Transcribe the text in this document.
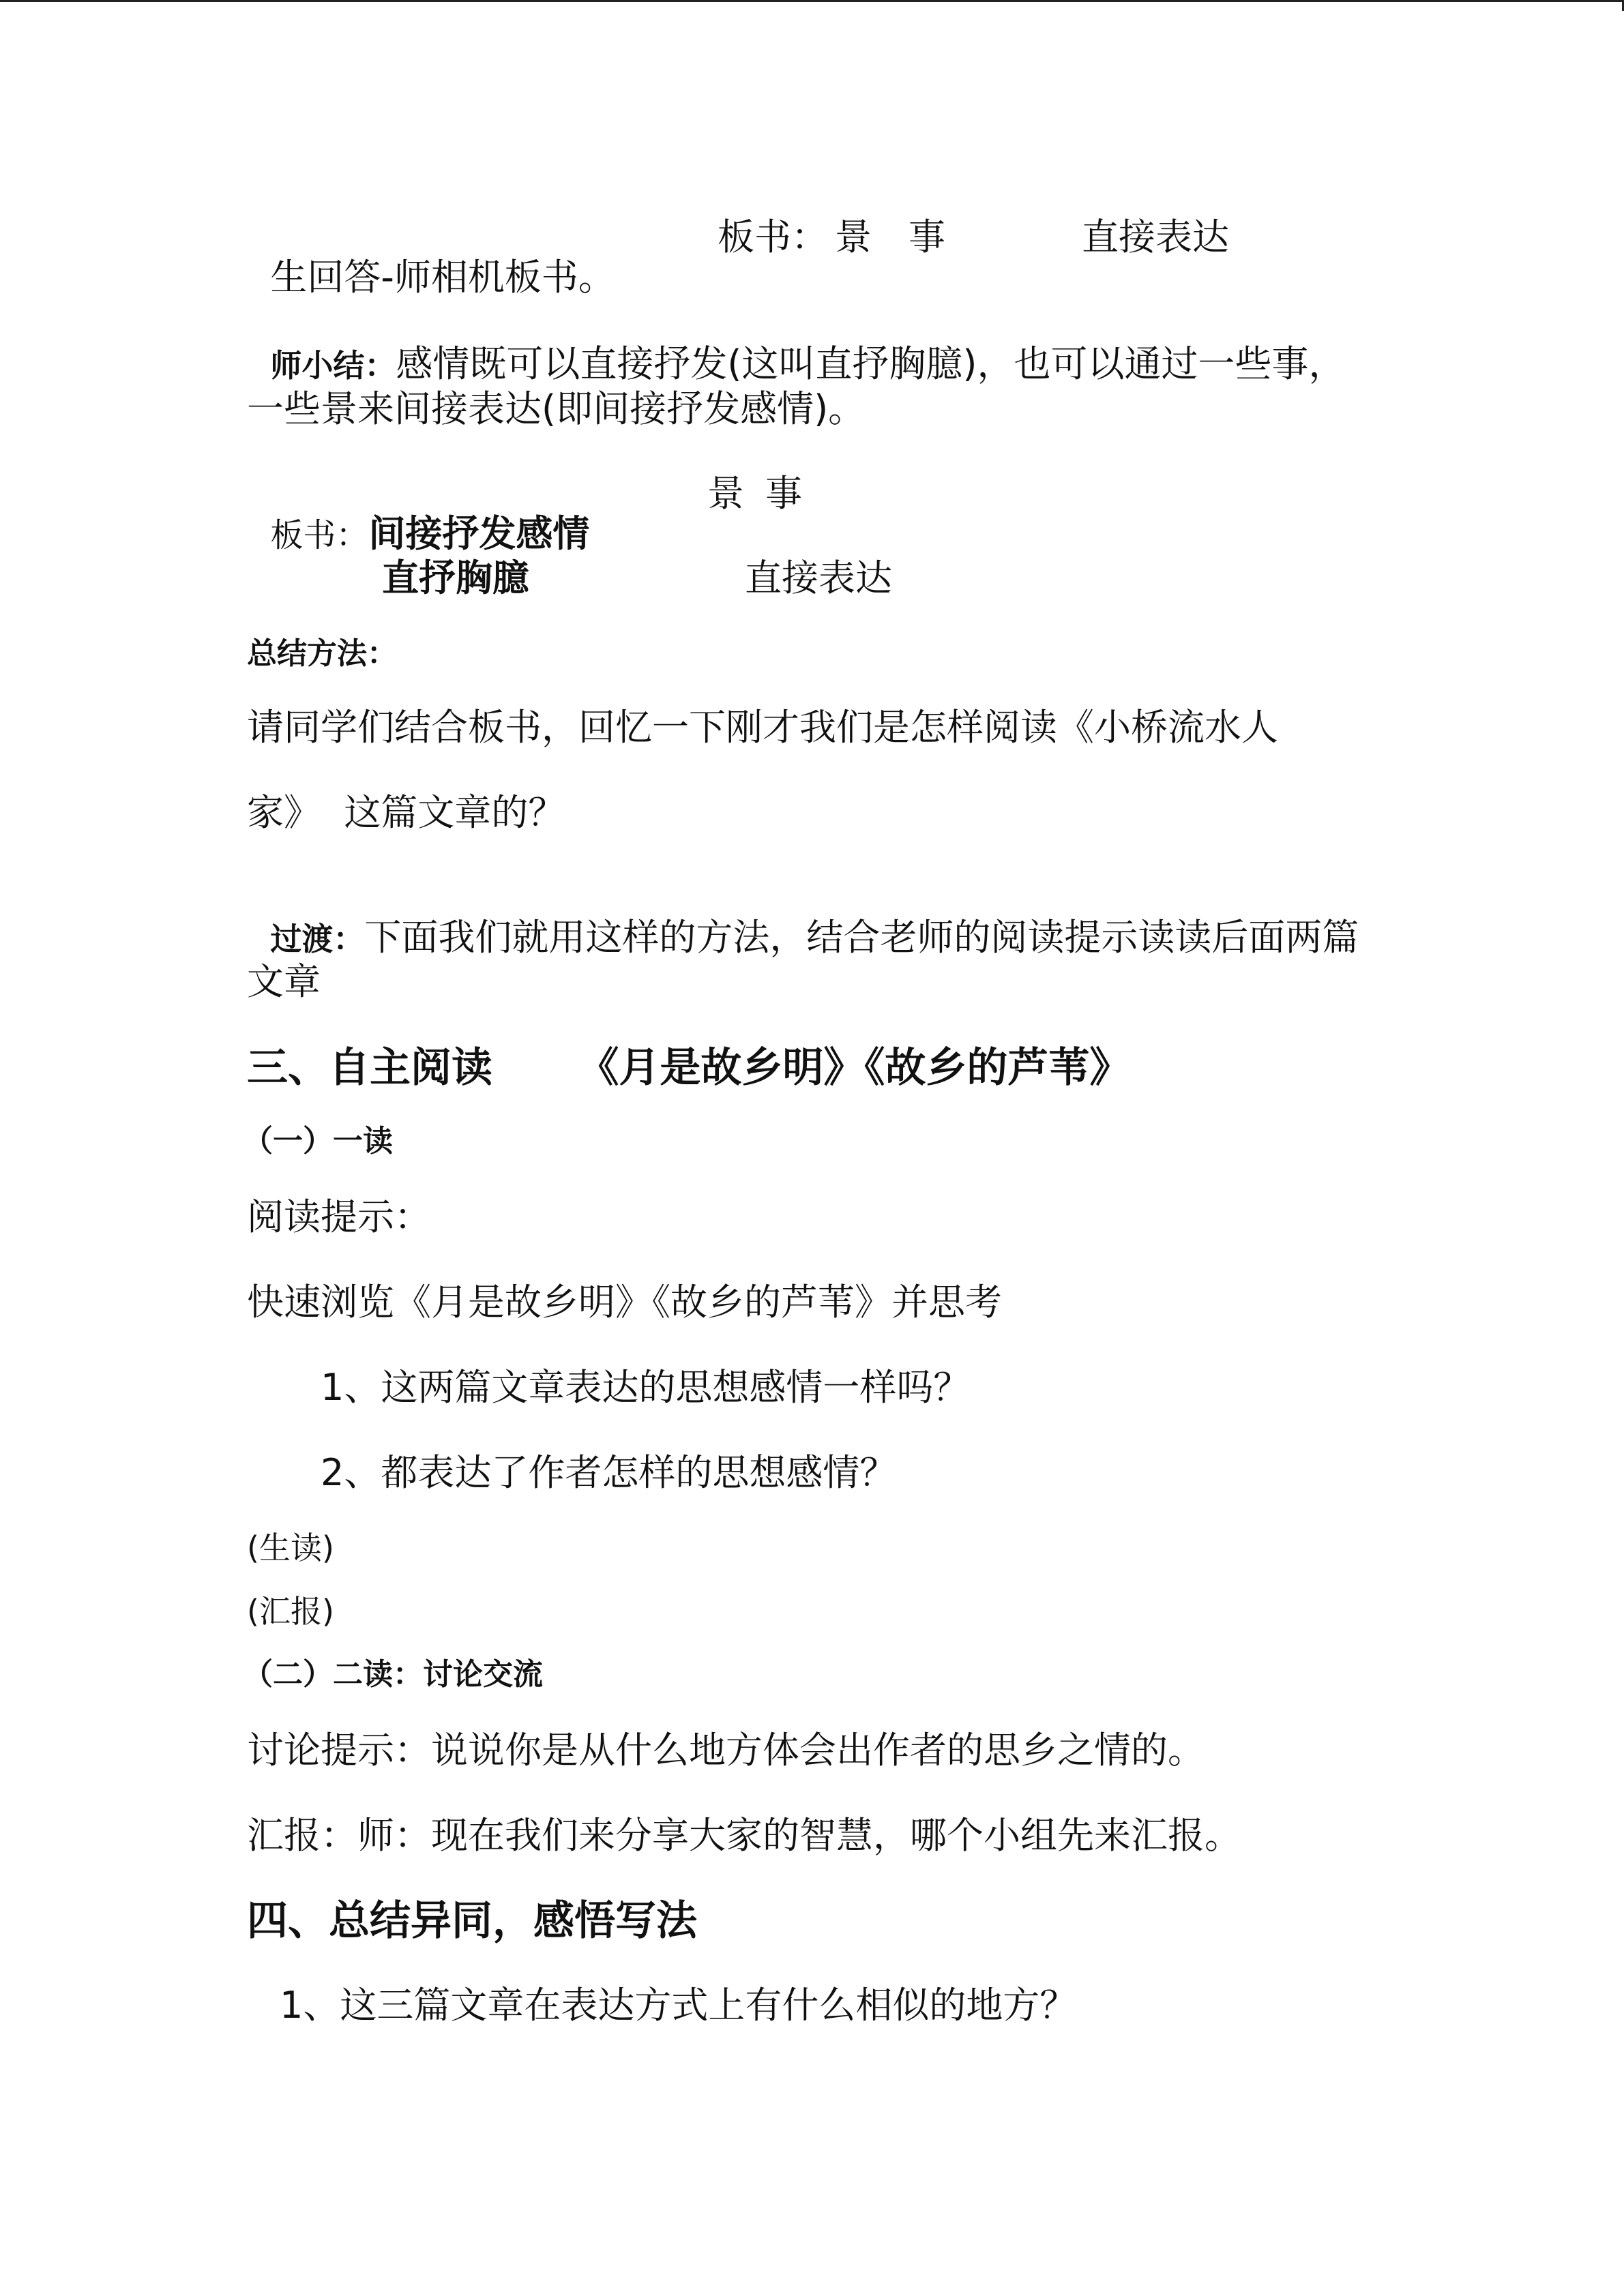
生回答-师相机板书。

板书：

景

事

	直接表达

师小结：感情既可以直接抒发(这叫直抒胸臆)，也可以通过一些事，

一些景来间接表达(即间接抒发感情)。

板书：间接抒发感情

景

事

直抒胸臆

	直接表达

总结方法：
请同学们结合板书，回忆一下刚才我们是怎样阅读《小桥流水人
家》  这篇文章的？

过渡：下面我们就用这样的方法，结合老师的阅读提示读读后面两篇

文章
三、自主阅读      《月是故乡明》《故乡的芦苇》
（一）一读
阅读提示：
快速浏览《月是故乡明》《故乡的芦苇》并思考
1、这两篇文章表达的思想感情一样吗？
2、都表达了作者怎样的思想感情？
(生读)
(汇报)
（二）二读：讨论交流
讨论提示：说说你是从什么地方体会出作者的思乡之情的。
汇报：师：现在我们来分享大家的智慧，哪个小组先来汇报。
四、总结异同，感悟写法
1、这三篇文章在表达方式上有什么相似的地方？
